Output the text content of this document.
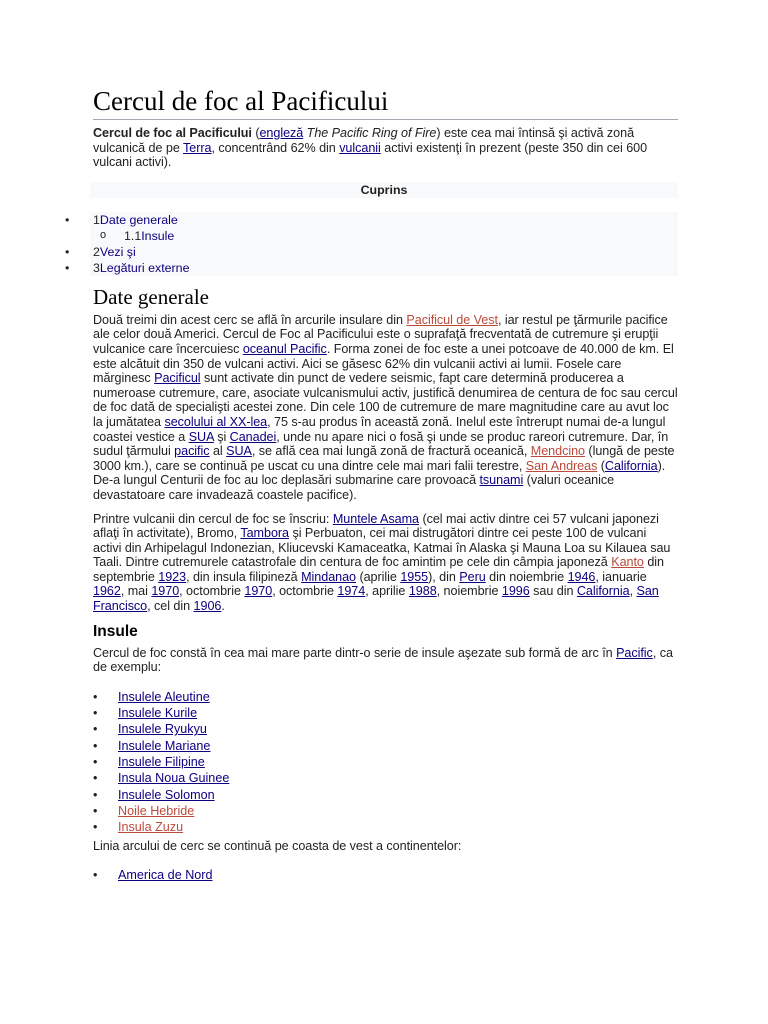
Cercul de foc al Pacificului

Cercul de foc al Pacificului (engleză The Pacific Ring of Fire) este cea mai întinsă şi activă zonă vulcanică de pe Terra, concentrând 62% din vulcanii activi existenţi în prezent (peste 350 din cei 600 vulcani activi).

Cuprins
• 1Date generale
o 1.1Insule
• 2Vezi şi
• 3Legături externe
Date generale

Două treimi din acest cerc se află în arcurile insulare din Pacificul de Vest, iar restul pe ţărmurile pacifice ale celor două Americi. Cercul de Foc al Pacificului este o suprafaţă frecventată de cutremure şi erupţii vulcanice care încercuiesc oceanul Pacific. Forma zonei de foc este a unei potcoave de 40.000 de km. El este alcătuit din 350 de vulcani activi. Aici se găsesc 62% din vulcanii activi ai lumii. Fosele care mărginesc Pacificul sunt activate din punct de vedere seismic, fapt care determină producerea a numeroase cutremure, care, asociate vulcanismului activ, justifică denumirea de centura de foc sau cercul de foc dată de specialişti acestei zone. Din cele 100 de cutremure de mare magnitudine care au avut loc la jumătatea secolului al XX-lea, 75 s-au produs în această zonă. Inelul este întrerupt numai de-a lungul coastei vestice a SUA şi Canadei, unde nu apare nici o fosă şi unde se produc rareori cutremure. Dar, în sudul ţărmului pacific al SUA, se află cea mai lungă zonă de fractură oceanică, Mendcino (lungă de peste 3000 km.), care se continuă pe uscat cu una dintre cele mai mari falii terestre, San Andreas (California). De-a lungul Centurii de foc au loc deplasări submarine care provoacă tsunami (valuri oceanice devastatoare care invadează coastele pacifice).

Printre vulcanii din cercul de foc se înscriu: Muntele Asama (cel mai activ dintre cei 57 vulcani japonezi aflaţi în activitate), Bromo, Tambora şi Perbuaton, cei mai distrugători dintre cei peste 100 de vulcani activi din Arhipelagul Indonezian, Kliucevski Kamaceatka, Katmai în Alaska şi Mauna Loa su Kilauea sau Taali. Dintre cutremurele catastrofale din centura de foc amintim pe cele din câmpia japoneză Kanto din septembrie 1923, din insula filipineză Mindanao (aprilie 1955), din Peru din noiembrie 1946, ianuarie 1962, mai 1970, octombrie 1970, octombrie 1974, aprilie 1988, noiembrie 1996 sau din California, San Francisco, cel din 1906.

Insule

Cercul de foc constă în cea mai mare parte dintr-o serie de insule aşezate sub formă de arc în Pacific, ca de exemplu:

• Insulele Aleutine
• Insulele Kurile
• Insulele Ryukyu
• Insulele Mariane
• Insulele Filipine
• Insula Noua Guinee
• Insulele Solomon
• Noile Hebride
• Insula Zuzu

Linia arcului de cerc se continuă pe coasta de vest a continentelor:

• America de Nord
